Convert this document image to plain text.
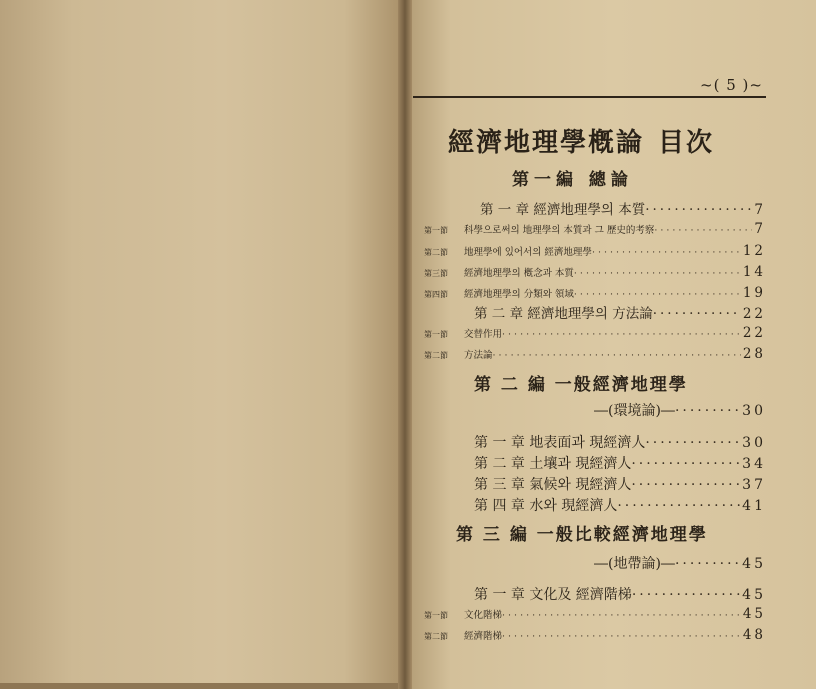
~( 5 )~
經濟地理學槪論 目次
第一編 總論
第 一 章 經濟地理學의 本質 ·····	7
第一節 科學으로써의 地理學의 本質과 그 歷史的考察 ·····	7
第二節 地理學에 있어서의 經濟地理學 ·····	12
第三節 經濟地理學의 槪念과 本質 ·····	14
第四節 經濟地理學의 分類와 領域 ·····	19
第 二 章 經濟地理學의 方法論 ·····	22
第一節 交替作用 ·····	22
第二節 方法論 ·····	28
第 二 編 一般經濟地理學
―(環境論)― ·····	30
第 一 章 地表面과 現經濟人 ·····	30
第 二 章 土壤과 現經濟人 ·····	34
第 三 章 氣候와 現經濟人 ·····	37
第 四 章 水와 現經濟人 ·····	41
第 三 編 一般比較經濟地理學
―(地帶論)― ·····	45
第 一 章 文化及 經濟階梯 ·····	45
第一節 文化階梯 ·····	45
第二節 經濟階梯 ·····	48
